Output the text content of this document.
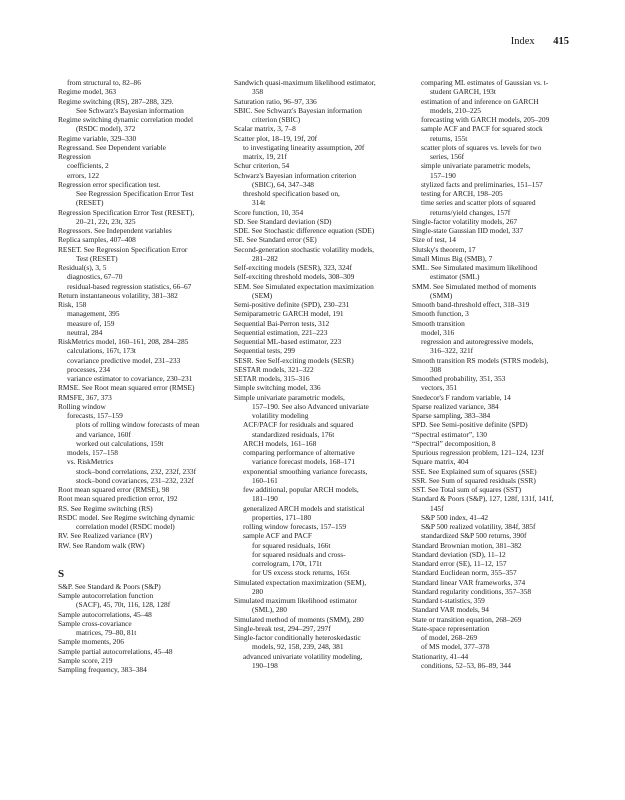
Index 415
from structural to, 82–86
Regime model, 363
Regime switching (RS), 287–288, 329.
See Schwarz's Bayesian information
Regime switching dynamic correlation model
(RSDC model), 372
Regime variable, 329–330
Regressand. See Dependent variable
Regression
coefficients, 2
errors, 122
Regression error specification test.
See Regression Specification Error Test
(RESET)
Regression Specification Error Test (RESET),
20–21, 22t, 23t, 325
Regressors. See Independent variables
Replica samples, 407–408
RESET. See Regression Specification Error
Test (RESET)
Residual(s), 3, 5
diagnostics, 67–70
residual-based regression statistics, 66–67
Return instantaneous volatility, 381–382
Risk, 158
management, 395
measure of, 159
neutral, 284
RiskMetrics model, 160–161, 208, 284–285
calculations, 167t, 173t
covariance predictive model, 231–233
processes, 234
variance estimator to covariance, 230–231
RMSE. See Root mean squared error (RMSE)
RMSFE, 367, 373
Rolling window
forecasts, 157–159
plots of rolling window forecasts of mean
and variance, 160f
worked out calculations, 159t
models, 157–158
vs. RiskMetrics
stock–bond correlations, 232, 232f, 233f
stock–bond covariances, 231–232, 232f
Root mean squared error (RMSE), 98
Root mean squared prediction error, 192
RS. See Regime switching (RS)
RSDC model. See Regime switching dynamic
correlation model (RSDC model)
RV. See Realized variance (RV)
RW. See Random walk (RW)
S
S&P. See Standard & Poors (S&P)
Sample autocorrelation function
(SACF), 45, 70t, 116, 128, 128f
Sample autocorrelations, 45–48
Sample cross-covariance
matrices, 79–80, 81t
Sample moments, 206
Sample partial autocorrelations, 45–48
Sample score, 219
Sampling frequency, 383–384
Sandwich quasi-maximum likelihood estimator,
358
Saturation ratio, 96–97, 336
SBIC. See Schwarz's Bayesian information
criterion (SBIC)
Scalar matrix, 3, 7–8
Scatter plot, 18–19, 19f, 20f
to investigating linearity assumption, 20f
matrix, 19, 21f
Schur criterion, 54
Schwarz's Bayesian information criterion
(SBIC), 64, 347–348
threshold specification based on,
314t
Score function, 10, 354
SD. See Standard deviation (SD)
SDE. See Stochastic difference equation (SDE)
SE. See Standard error (SE)
Second-generation stochastic volatility models,
281–282
Self-exciting models (SESR), 323, 324f
Self-exciting threshold models, 308–309
SEM. See Simulated expectation maximization
(SEM)
Semi-positive definite (SPD), 230–231
Semiparametric GARCH model, 191
Sequential Bai-Perron tests, 312
Sequential estimation, 221–223
Sequential ML-based estimator, 223
Sequential tests, 299
SESR. See Self-exciting models (SESR)
SESTAR models, 321–322
SETAR models, 315–316
Simple switching model, 336
Simple univariate parametric models,
157–190. See also Advanced univariate
volatility modeling
ACF/PACF for residuals and squared
standardized residuals, 176t
ARCH models, 161–168
comparing performance of alternative
variance forecast models, 168–171
exponential smoothing variance forecasts,
160–161
few additional, popular ARCH models,
181–190
generalized ARCH models and statistical
properties, 171–180
rolling window forecasts, 157–159
sample ACF and PACF
for squared residuals, 166t
for squared residuals and cross-
correlogram, 170t, 171t
for US excess stock returns, 165t
Simulated expectation maximization (SEM),
280
Simulated maximum likelihood estimator
(SML), 280
Simulated method of moments (SMM), 280
Single-break test, 294–297, 297f
Single-factor conditionally heteroskedastic
models, 92, 158, 239, 248, 381
advanced univariate volatility modeling,
190–198
comparing ML estimates of Gaussian vs. t-
student GARCH, 193t
estimation of and inference on GARCH
models, 210–225
forecasting with GARCH models, 205–209
sample ACF and PACF for squared stock
returns, 155t
scatter plots of squares vs. levels for two
series, 156f
simple univariate parametric models,
157–190
stylized facts and preliminaries, 151–157
testing for ARCH, 198–205
time series and scatter plots of squared
returns/yield changes, 157f
Single-factor volatility models, 267
Single-state Gaussian IID model, 337
Size of test, 14
Slutsky's theorem, 17
Small Minus Big (SMB), 7
SML. See Simulated maximum likelihood
estimator (SML)
SMM. See Simulated method of moments
(SMM)
Smooth band-threshold effect, 318–319
Smooth function, 3
Smooth transition
model, 316
regression and autoregressive models,
316–322, 321f
Smooth transition RS models (STRS models),
308
Smoothed probability, 351, 353
vectors, 351
Snedecor's F random variable, 14
Sparse realized variance, 384
Sparse sampling, 383–384
SPD. See Semi-positive definite (SPD)
“Spectral estimator”, 130
“Spectral” decomposition, 8
Spurious regression problem, 121–124, 123f
Square matrix, 404
SSE. See Explained sum of squares (SSE)
SSR. See Sum of squared residuals (SSR)
SST. See Total sum of squares (SST)
Standard & Poors (S&P), 127, 128f, 131f, 141f,
145f
S&P 500 index, 41–42
S&P 500 realized volatility, 384f, 385f
standardized S&P 500 returns, 390f
Standard Brownian motion, 381–382
Standard deviation (SD), 11–12
Standard error (SE), 11–12, 157
Standard Euclidean norm, 355–357
Standard linear VAR frameworks, 374
Standard regularity conditions, 357–358
Standard t-statistics, 359
Standard VAR models, 94
State or transition equation, 268–269
State-space representation
of model, 268–269
of MS model, 377–378
Stationarity, 41–44
conditions, 52–53, 86–89, 344
